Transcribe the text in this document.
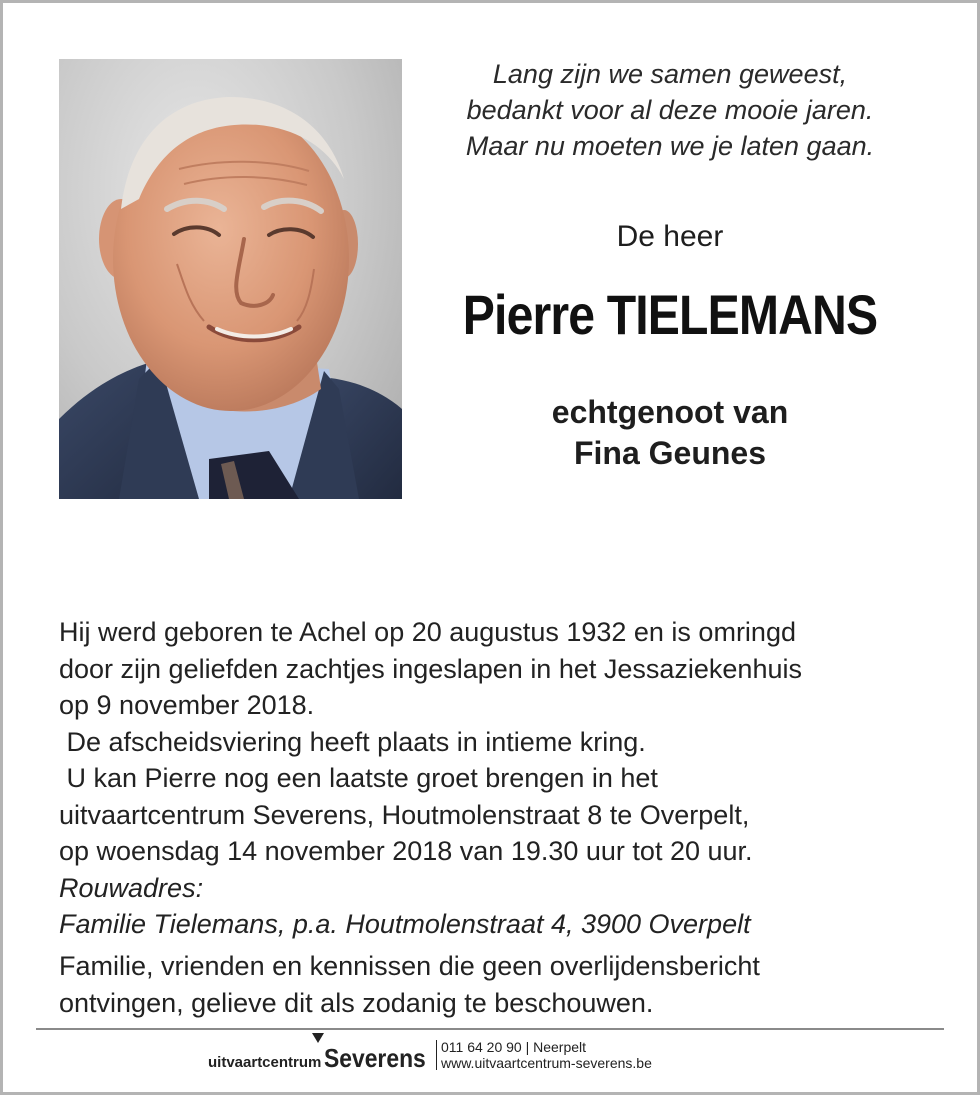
Lang zijn we samen geweest,
bedankt voor al deze mooie jaren.
Maar nu moeten we je laten gaan.
De heer
Pierre TIELEMANS
echtgenoot van
Fina Geunes
Hij werd geboren te Achel op 20 augustus 1932 en is omringd
door zijn geliefden zachtjes ingeslapen in het Jessaziekenhuis
op 9 november 2018.
De afscheidsviering heeft plaats in intieme kring.
U kan Pierre nog een laatste groet brengen in het
uitvaartcentrum Severens, Houtmolenstraat 8 te Overpelt,
op woensdag 14 november 2018 van 19.30 uur tot 20 uur.
Rouwadres:
Familie Tielemans, p.a. Houtmolenstraat 4, 3900 Overpelt
Familie, vrienden en kennissen die geen overlijdensbericht
ontvingen, gelieve dit als zodanig te beschouwen.
uitvaartcentrum Severens 011 64 20 90 | Neerpelt
www.uitvaartcentrum-severens.be
